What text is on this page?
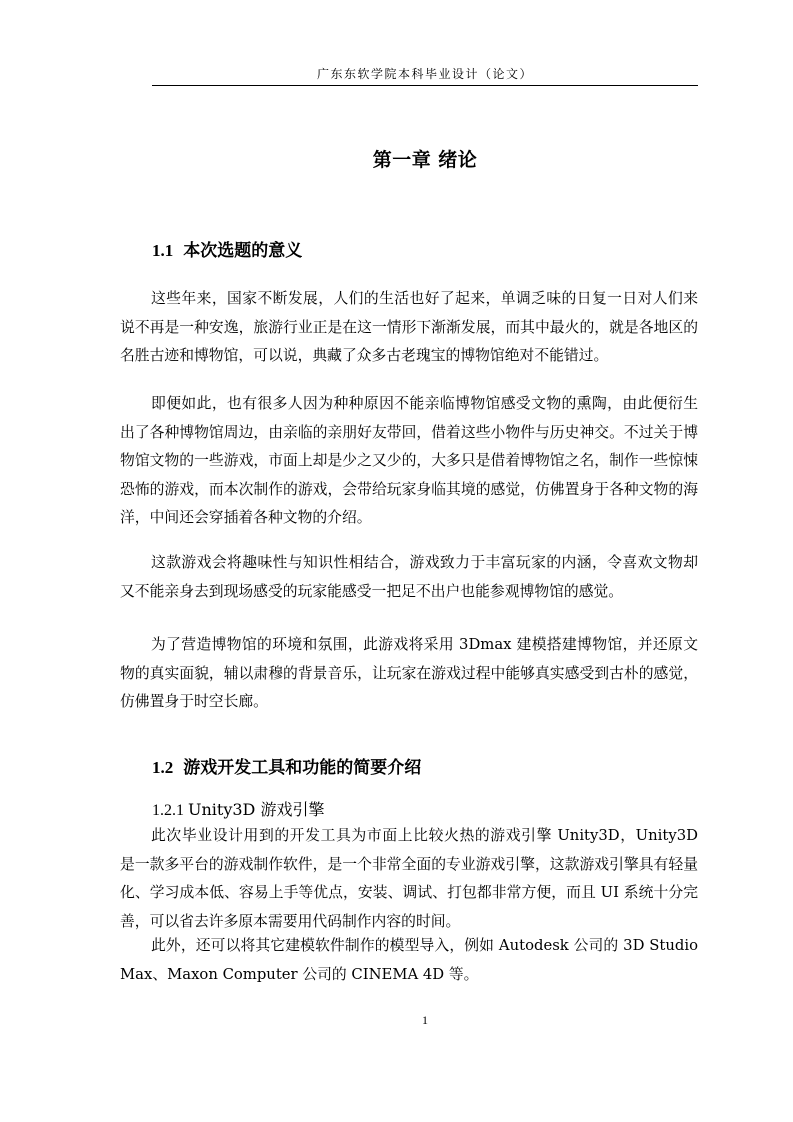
广东东软学院本科毕业设计（论文）
第一章 绪论
1.1 本次选题的意义

这些年来，国家不断发展，人们的生活也好了起来，单调乏味的日复一日对人们来说不再是一种安逸，旅游行业正是在这一情形下渐渐发展，而其中最火的，就是各地区的名胜古迹和博物馆，可以说，典藏了众多古老瑰宝的博物馆绝对不能错过。

即便如此，也有很多人因为种种原因不能亲临博物馆感受文物的熏陶，由此便衍生出了各种博物馆周边，由亲临的亲朋好友带回，借着这些小物件与历史神交。不过关于博物馆文物的一些游戏，市面上却是少之又少的，大多只是借着博物馆之名，制作一些惊悚恐怖的游戏，而本次制作的游戏，会带给玩家身临其境的感觉，仿佛置身于各种文物的海洋，中间还会穿插着各种文物的介绍。

这款游戏会将趣味性与知识性相结合，游戏致力于丰富玩家的内涵，令喜欢文物却又不能亲身去到现场感受的玩家能感受一把足不出户也能参观博物馆的感觉。

为了营造博物馆的环境和氛围，此游戏将采用 3Dmax 建模搭建博物馆，并还原文物的真实面貌，辅以肃穆的背景音乐，让玩家在游戏过程中能够真实感受到古朴的感觉，仿佛置身于时空长廊。

1.2 游戏开发工具和功能的简要介绍
1.2.1 Unity3D 游戏引擎

此次毕业设计用到的开发工具为市面上比较火热的游戏引擎 Unity3D，Unity3D 是一款多平台的游戏制作软件，是一个非常全面的专业游戏引擎，这款游戏引擎具有轻量化、学习成本低、容易上手等优点，安装、调试、打包都非常方便，而且 UI 系统十分完善，可以省去许多原本需要用代码制作内容的时间。

此外，还可以将其它建模软件制作的模型导入，例如 Autodesk 公司的 3D Studio Max、Maxon Computer 公司的 CINEMA 4D 等。

1
